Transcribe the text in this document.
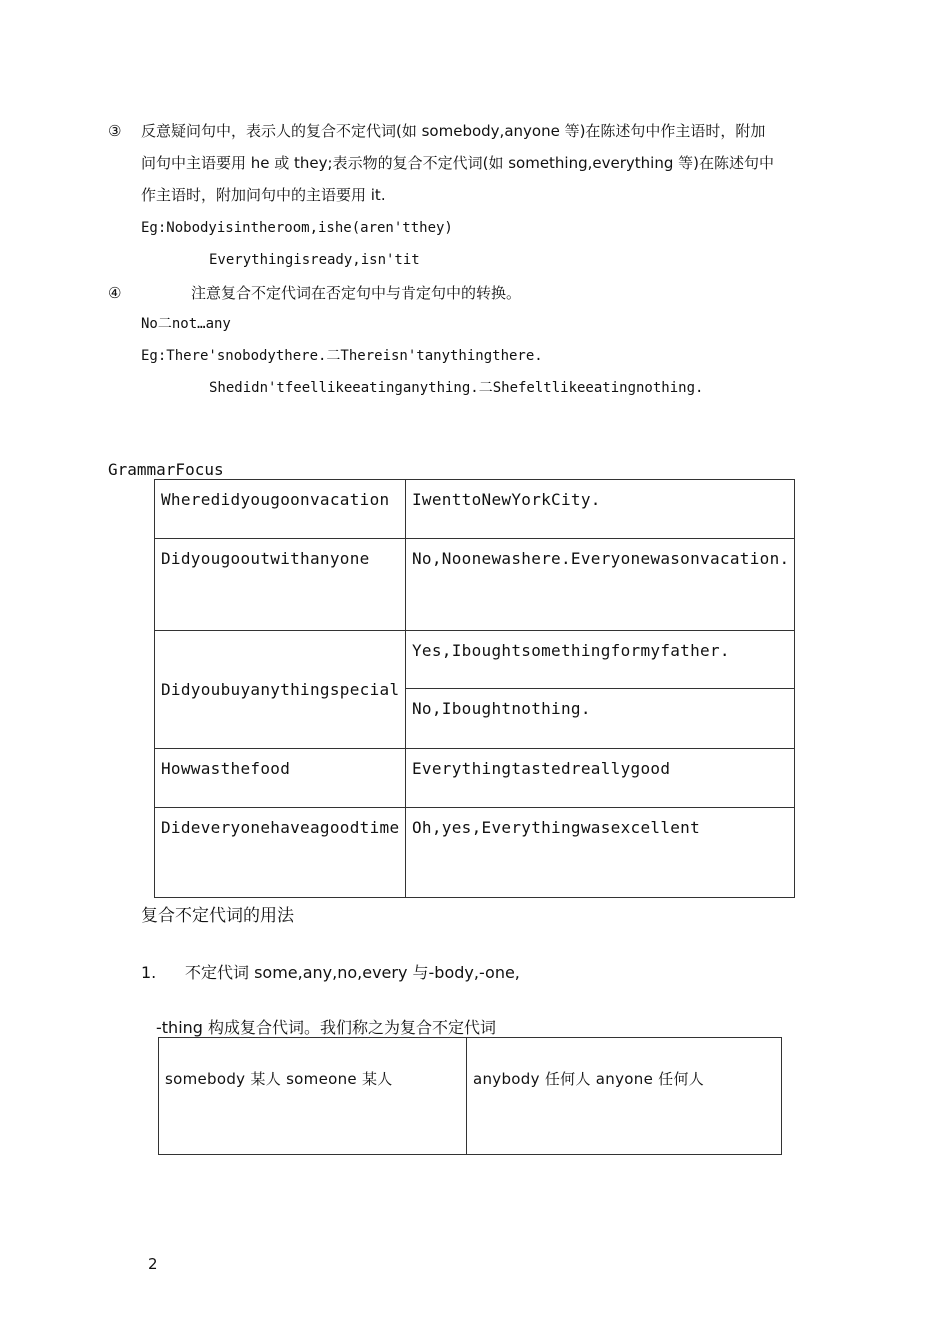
③ 反意疑问句中，表示人的复合不定代词(如 somebody,anyone 等)在陈述句中作主语时，附加
问句中主语要用 he 或 they;表示物的复合不定代词(如 something,everything 等)在陈述句中
作主语时，附加问句中的主语要用 it.
Eg:Nobodyisintheroom,ishe(aren'tthey)
Everythingisready,isn'tit
④	注意复合不定代词在否定句中与肯定句中的转换。
No二not…any
Eg:There'snobodythere.二Thereisn'tanythingthere.
Shedidn'tfeellikeeatinganything.二Shefeltlikeeatingnothing.
GrammarFocus
Wheredidyougoonvacation	IwenttoNewYorkCity.
Didyougooutwithanyone	No,Noonewashere.Everyonewasonvacation.
Didyoubuyanythingspecial	Yes,Iboughtsomethingformyfather.
	No,Iboughtnothing.
Howwasthefood	Everythingtastedreallygood
Dideveryonehaveagoodtime	Oh,yes,Everythingwasexcellent
复合不定代词的用法
1. 不定代词 some,any,no,every 与-body,-one,
-thing 构成复合代词。我们称之为复合不定代词
somebody 某人 someone 某人	anybody 任何人 anyone 任何人
2
